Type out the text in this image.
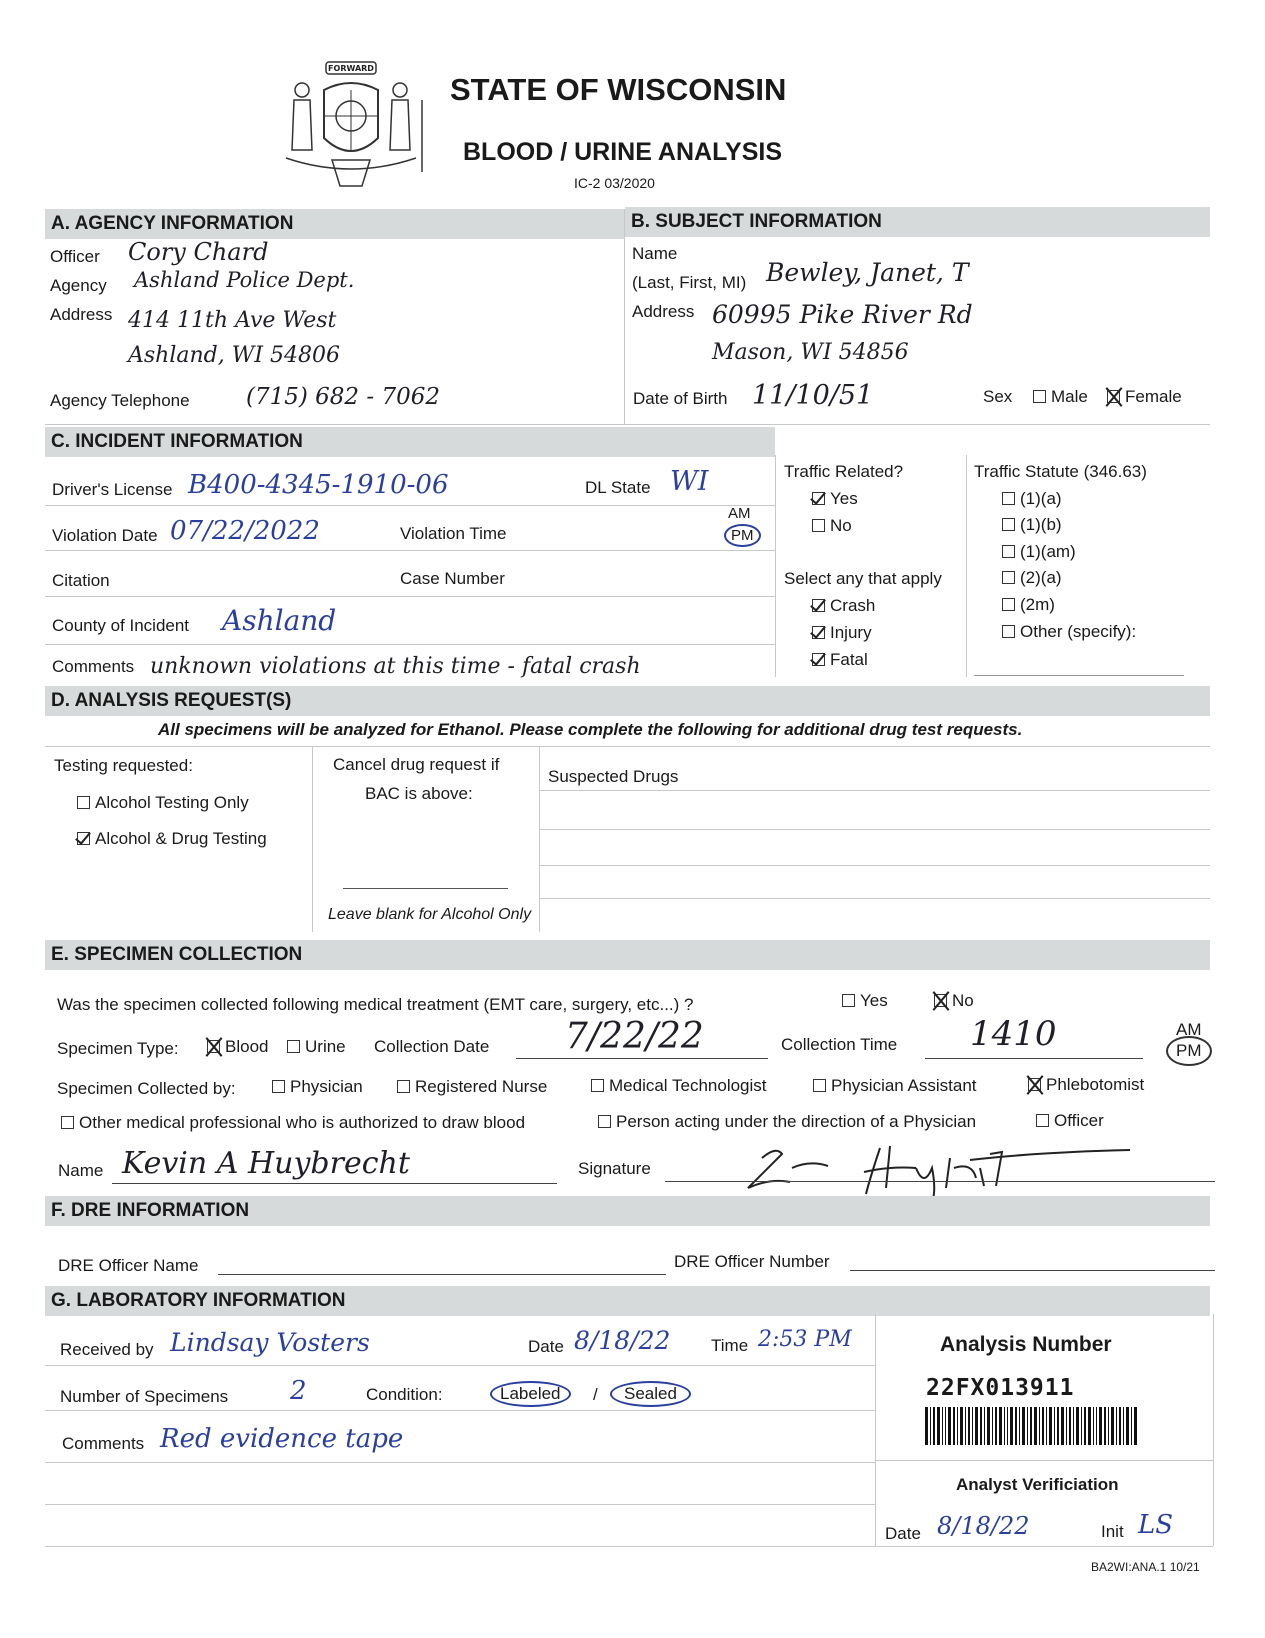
FORWARD
STATE OF WISCONSIN
BLOOD / URINE ANALYSIS
IC-2 03/2020
A. AGENCY INFORMATION	B. SUBJECT INFORMATION
Officer Cory Chard
Agency Ashland Police Dept.
Address 414 11th Ave West
Ashland, WI 54806
Agency Telephone (715) 682 - 7062
Name
(Last, First, MI) Bewley, Janet, T
Address 60995 Pike River Rd
Mason, WI 54856
Date of Birth 11/10/51	Sex	Male	Female
C. INCIDENT INFORMATION
Driver's License B400-4345-1910-06	DL State WI
Violation Date 07/22/2022	Violation Time
AM
PM
Citation	Case Number
County of Incident Ashland
Comments unknown violations at this time - fatal crash
Traffic Related?
Yes
No
Select any that apply
Crash
Injury
Fatal
Traffic Statute (346.63)
(1)(a)
(1)(b)
(1)(am)
(2)(a)
(2m)
Other (specify):
D. ANALYSIS REQUEST(S)
All specimens will be analyzed for Ethanol. Please complete the following for additional drug test requests.
Testing requested:
Alcohol Testing Only
Alcohol & Drug Testing
Cancel drug request if
BAC is above:
Leave blank for Alcohol Only
Suspected Drugs
E. SPECIMEN COLLECTION
Was the specimen collected following medical treatment (EMT care, surgery, etc...) ?	Yes	No
Specimen Type:	Blood	Urine Collection Date 7/22/22	Collection Time 1410	AM
PM
Specimen Collected by:	Physician	Registered Nurse	Medical Technologist	Physician Assistant	Phlebotomist
Other medical professional who is authorized to draw blood	Person acting under the direction of a Physician	Officer
Name Kevin A Huybrecht	Signature
F. DRE INFORMATION
DRE Officer Name	DRE Officer Number
G. LABORATORY INFORMATION
Received by Lindsay Vosters	Date 8/18/22 Time 2:53 PM
Number of Specimens 2	Condition:	Labeled	/	Sealed
Comments Red evidence tape
Analysis Number
22FX013911
Analyst Verificiation
Date 8/18/22	Init LS
BA2WI:ANA.1 10/21
